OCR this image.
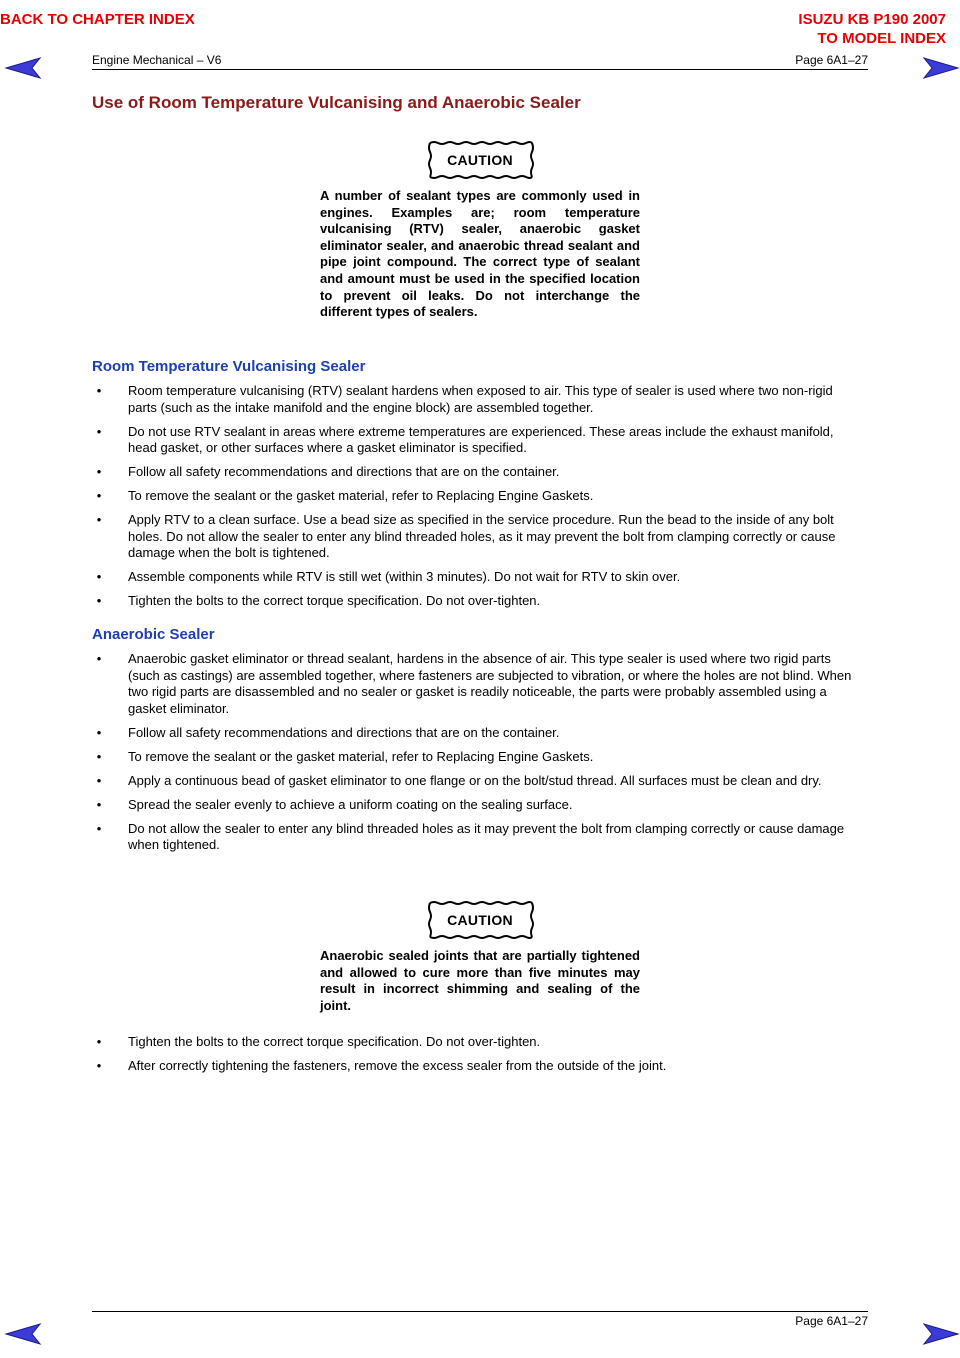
BACK TO CHAPTER INDEX	ISUZU KB P190 2007
TO MODEL INDEX
Engine Mechanical – V6	Page 6A1–27
Use of Room Temperature Vulcanising and Anaerobic Sealer
CAUTION
A number of sealant types are commonly used in engines. Examples are; room temperature vulcanising (RTV) sealer, anaerobic gasket eliminator sealer, and anaerobic thread sealant and pipe joint compound. The correct type of sealant and amount must be used in the specified location to prevent oil leaks. Do not interchange the different types of sealers.
Room Temperature Vulcanising Sealer
• Room temperature vulcanising (RTV) sealant hardens when exposed to air. This type of sealer is used where two non-rigid parts (such as the intake manifold and the engine block) are assembled together.
• Do not use RTV sealant in areas where extreme temperatures are experienced. These areas include the exhaust manifold, head gasket, or other surfaces where a gasket eliminator is specified.
• Follow all safety recommendations and directions that are on the container.
• To remove the sealant or the gasket material, refer to Replacing Engine Gaskets.
• Apply RTV to a clean surface. Use a bead size as specified in the service procedure. Run the bead to the inside of any bolt holes. Do not allow the sealer to enter any blind threaded holes, as it may prevent the bolt from clamping correctly or cause damage when the bolt is tightened.
• Assemble components while RTV is still wet (within 3 minutes). Do not wait for RTV to skin over.
• Tighten the bolts to the correct torque specification. Do not over-tighten.
Anaerobic Sealer
• Anaerobic gasket eliminator or thread sealant, hardens in the absence of air. This type sealer is used where two rigid parts (such as castings) are assembled together, where fasteners are subjected to vibration, or where the holes are not blind. When two rigid parts are disassembled and no sealer or gasket is readily noticeable, the parts were probably assembled using a gasket eliminator.
• Follow all safety recommendations and directions that are on the container.
• To remove the sealant or the gasket material, refer to Replacing Engine Gaskets.
• Apply a continuous bead of gasket eliminator to one flange or on the bolt/stud thread. All surfaces must be clean and dry.
• Spread the sealer evenly to achieve a uniform coating on the sealing surface.
• Do not allow the sealer to enter any blind threaded holes as it may prevent the bolt from clamping correctly or cause damage when tightened.
CAUTION
Anaerobic sealed joints that are partially tightened and allowed to cure more than five minutes may result in incorrect shimming and sealing of the joint.
• Tighten the bolts to the correct torque specification. Do not over-tighten.
• After correctly tightening the fasteners, remove the excess sealer from the outside of the joint.
Page 6A1–27
